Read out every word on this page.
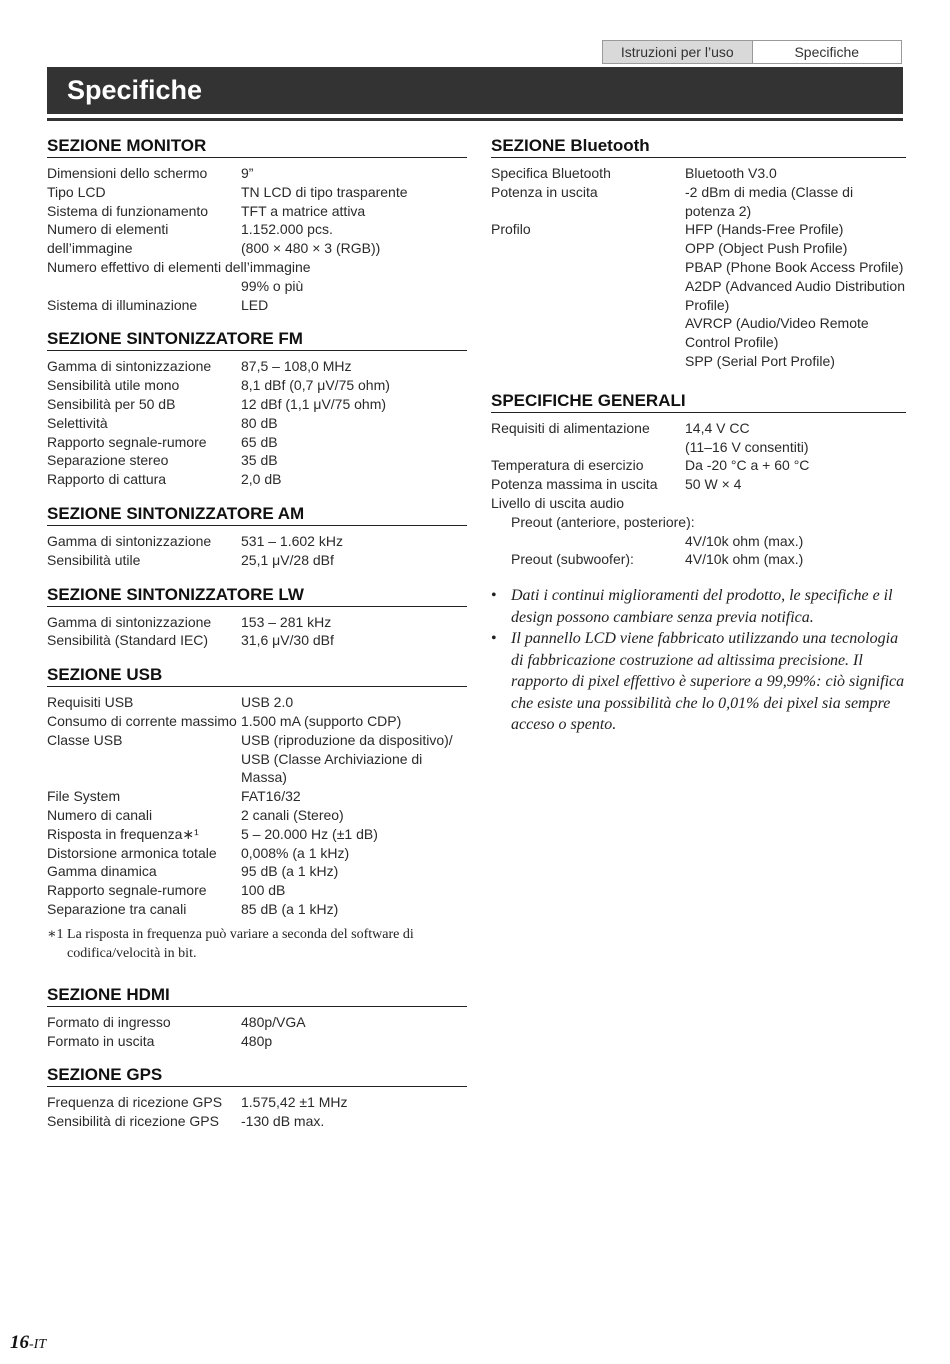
Istruzioni per l’uso	Specifiche
Specifiche
SEZIONE MONITOR
Dimensioni dello schermo	9”
Tipo LCD	TN LCD di tipo trasparente
Sistema di funzionamento	TFT a matrice attiva
Numero di elementi	1.152.000 pcs.
dell’immagine	(800 × 480 × 3 (RGB))
Numero effettivo di elementi dell’immagine
99% o più
Sistema di illuminazione	LED
SEZIONE SINTONIZZATORE FM
Gamma di sintonizzazione	87,5 – 108,0 MHz
Sensibilità utile mono	8,1 dBf (0,7 μV/75 ohm)
Sensibilità per 50 dB	12 dBf (1,1 μV/75 ohm)
Selettività	80 dB
Rapporto segnale-rumore	65 dB
Separazione stereo	35 dB
Rapporto di cattura	2,0 dB
SEZIONE SINTONIZZATORE AM
Gamma di sintonizzazione	531 – 1.602 kHz
Sensibilità utile	25,1 μV/28 dBf
SEZIONE SINTONIZZATORE LW
Gamma di sintonizzazione	153 – 281 kHz
Sensibilità (Standard IEC)	31,6 μV/30 dBf
SEZIONE USB
Requisiti USB	USB 2.0
Consumo di corrente massimo 1.500 mA (supporto CDP)
Classe USB	USB (riproduzione da dispositivo)/
USB (Classe Archiviazione di Massa)
File System	FAT16/32
Numero di canali	2 canali (Stereo)
Risposta in frequenza∗¹	5 – 20.000 Hz (±1 dB)
Distorsione armonica totale	0,008% (a 1 kHz)
Gamma dinamica	95 dB (a 1 kHz)
Rapporto segnale-rumore	100 dB
Separazione tra canali	85 dB (a 1 kHz)
∗1 La risposta in frequenza può variare a seconda del software di codifica/velocità in bit.
SEZIONE HDMI
Formato di ingresso	480p/VGA
Formato in uscita	480p
SEZIONE GPS
Frequenza di ricezione GPS	1.575,42 ±1 MHz
Sensibilità di ricezione GPS	-130 dB max.
SEZIONE Bluetooth
Specifica Bluetooth	Bluetooth V3.0
Potenza in uscita	-2 dBm di media (Classe di potenza 2)
Profilo	HFP (Hands-Free Profile)
OPP (Object Push Profile)
PBAP (Phone Book Access Profile)
A2DP (Advanced Audio Distribution Profile)
AVRCP (Audio/Video Remote Control Profile)
SPP (Serial Port Profile)
SPECIFICHE GENERALI
Requisiti di alimentazione	14,4 V CC
(11–16 V consentiti)
Temperatura di esercizio	Da -20 °C a + 60 °C
Potenza massima in uscita	50 W × 4
Livello di uscita audio
Preout (anteriore, posteriore):
4V/10k ohm (max.)
Preout (subwoofer):	4V/10k ohm (max.)
• Dati i continui miglioramenti del prodotto, le specifiche e il design possono cambiare senza previa notifica.
• Il pannello LCD viene fabbricato utilizzando una tecnologia di fabbricazione costruzione ad altissima precisione. Il rapporto di pixel effettivo è superiore a 99,99%: ciò significa che esiste una possibilità che lo 0,01% dei pixel sia sempre acceso o spento.
16-IT
